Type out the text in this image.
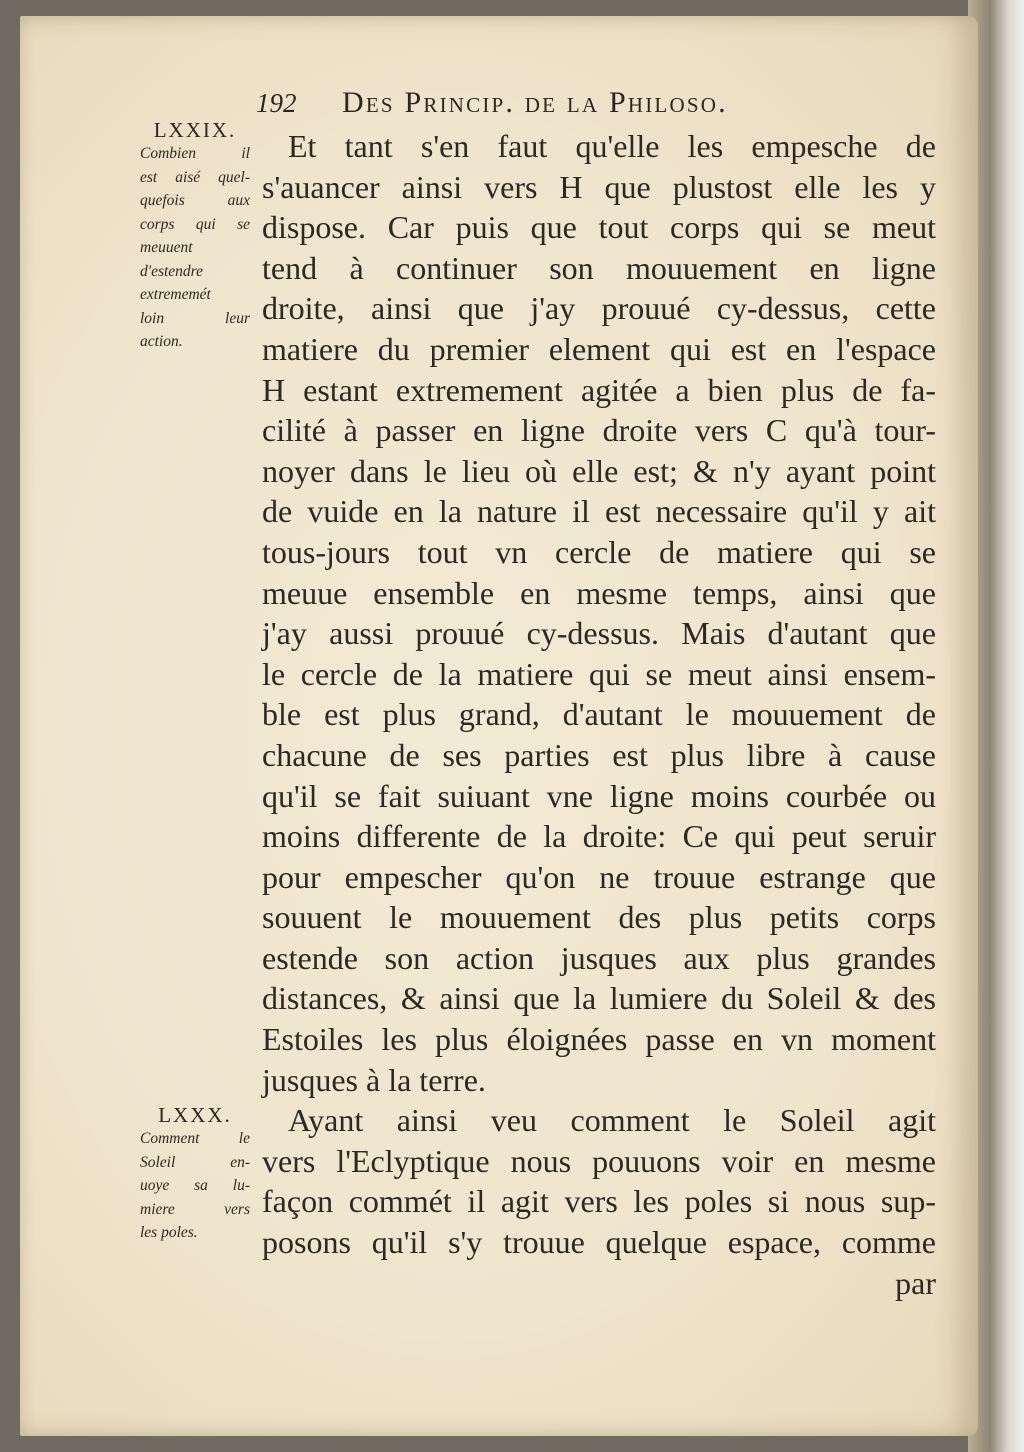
192 Des Princip. de la Philoso.
LXXIX.
Combien il
est aisé quel-
quefois aux
corps qui se
meuuent
d'estendre
extrememét
loin leur
action.
LXXX.
Comment le
Soleil en-
uoye sa lu-
miere vers
les poles.
Et tant s'en faut qu'elle les empesche de
s'auancer ainsi vers H que plustost elle les y
dispose. Car puis que tout corps qui se meut
tend à continuer son mouuement en ligne
droite, ainsi que j'ay prouué cy-dessus, cette
matiere du premier element qui est en l'espace
H estant extremement agitée a bien plus de fa-
cilité à passer en ligne droite vers C qu'à tour-
noyer dans le lieu où elle est; & n'y ayant point
de vuide en la nature il est necessaire qu'il y ait
tous-jours tout vn cercle de matiere qui se
meuue ensemble en mesme temps, ainsi que
j'ay aussi prouué cy-dessus. Mais d'autant que
le cercle de la matiere qui se meut ainsi ensem-
ble est plus grand, d'autant le mouuement de
chacune de ses parties est plus libre à cause
qu'il se fait suiuant vne ligne moins courbée ou
moins differente de la droite: Ce qui peut seruir
pour empescher qu'on ne trouue estrange que
souuent le mouuement des plus petits corps
estende son action jusques aux plus grandes
distances, & ainsi que la lumiere du Soleil & des
Estoiles les plus éloignées passe en vn moment
jusques à la terre.
Ayant ainsi veu comment le Soleil agit
vers l'Eclyptique nous pouuons voir en mesme
façon commét il agit vers les poles si nous sup-
posons qu'il s'y trouue quelque espace, comme
par
